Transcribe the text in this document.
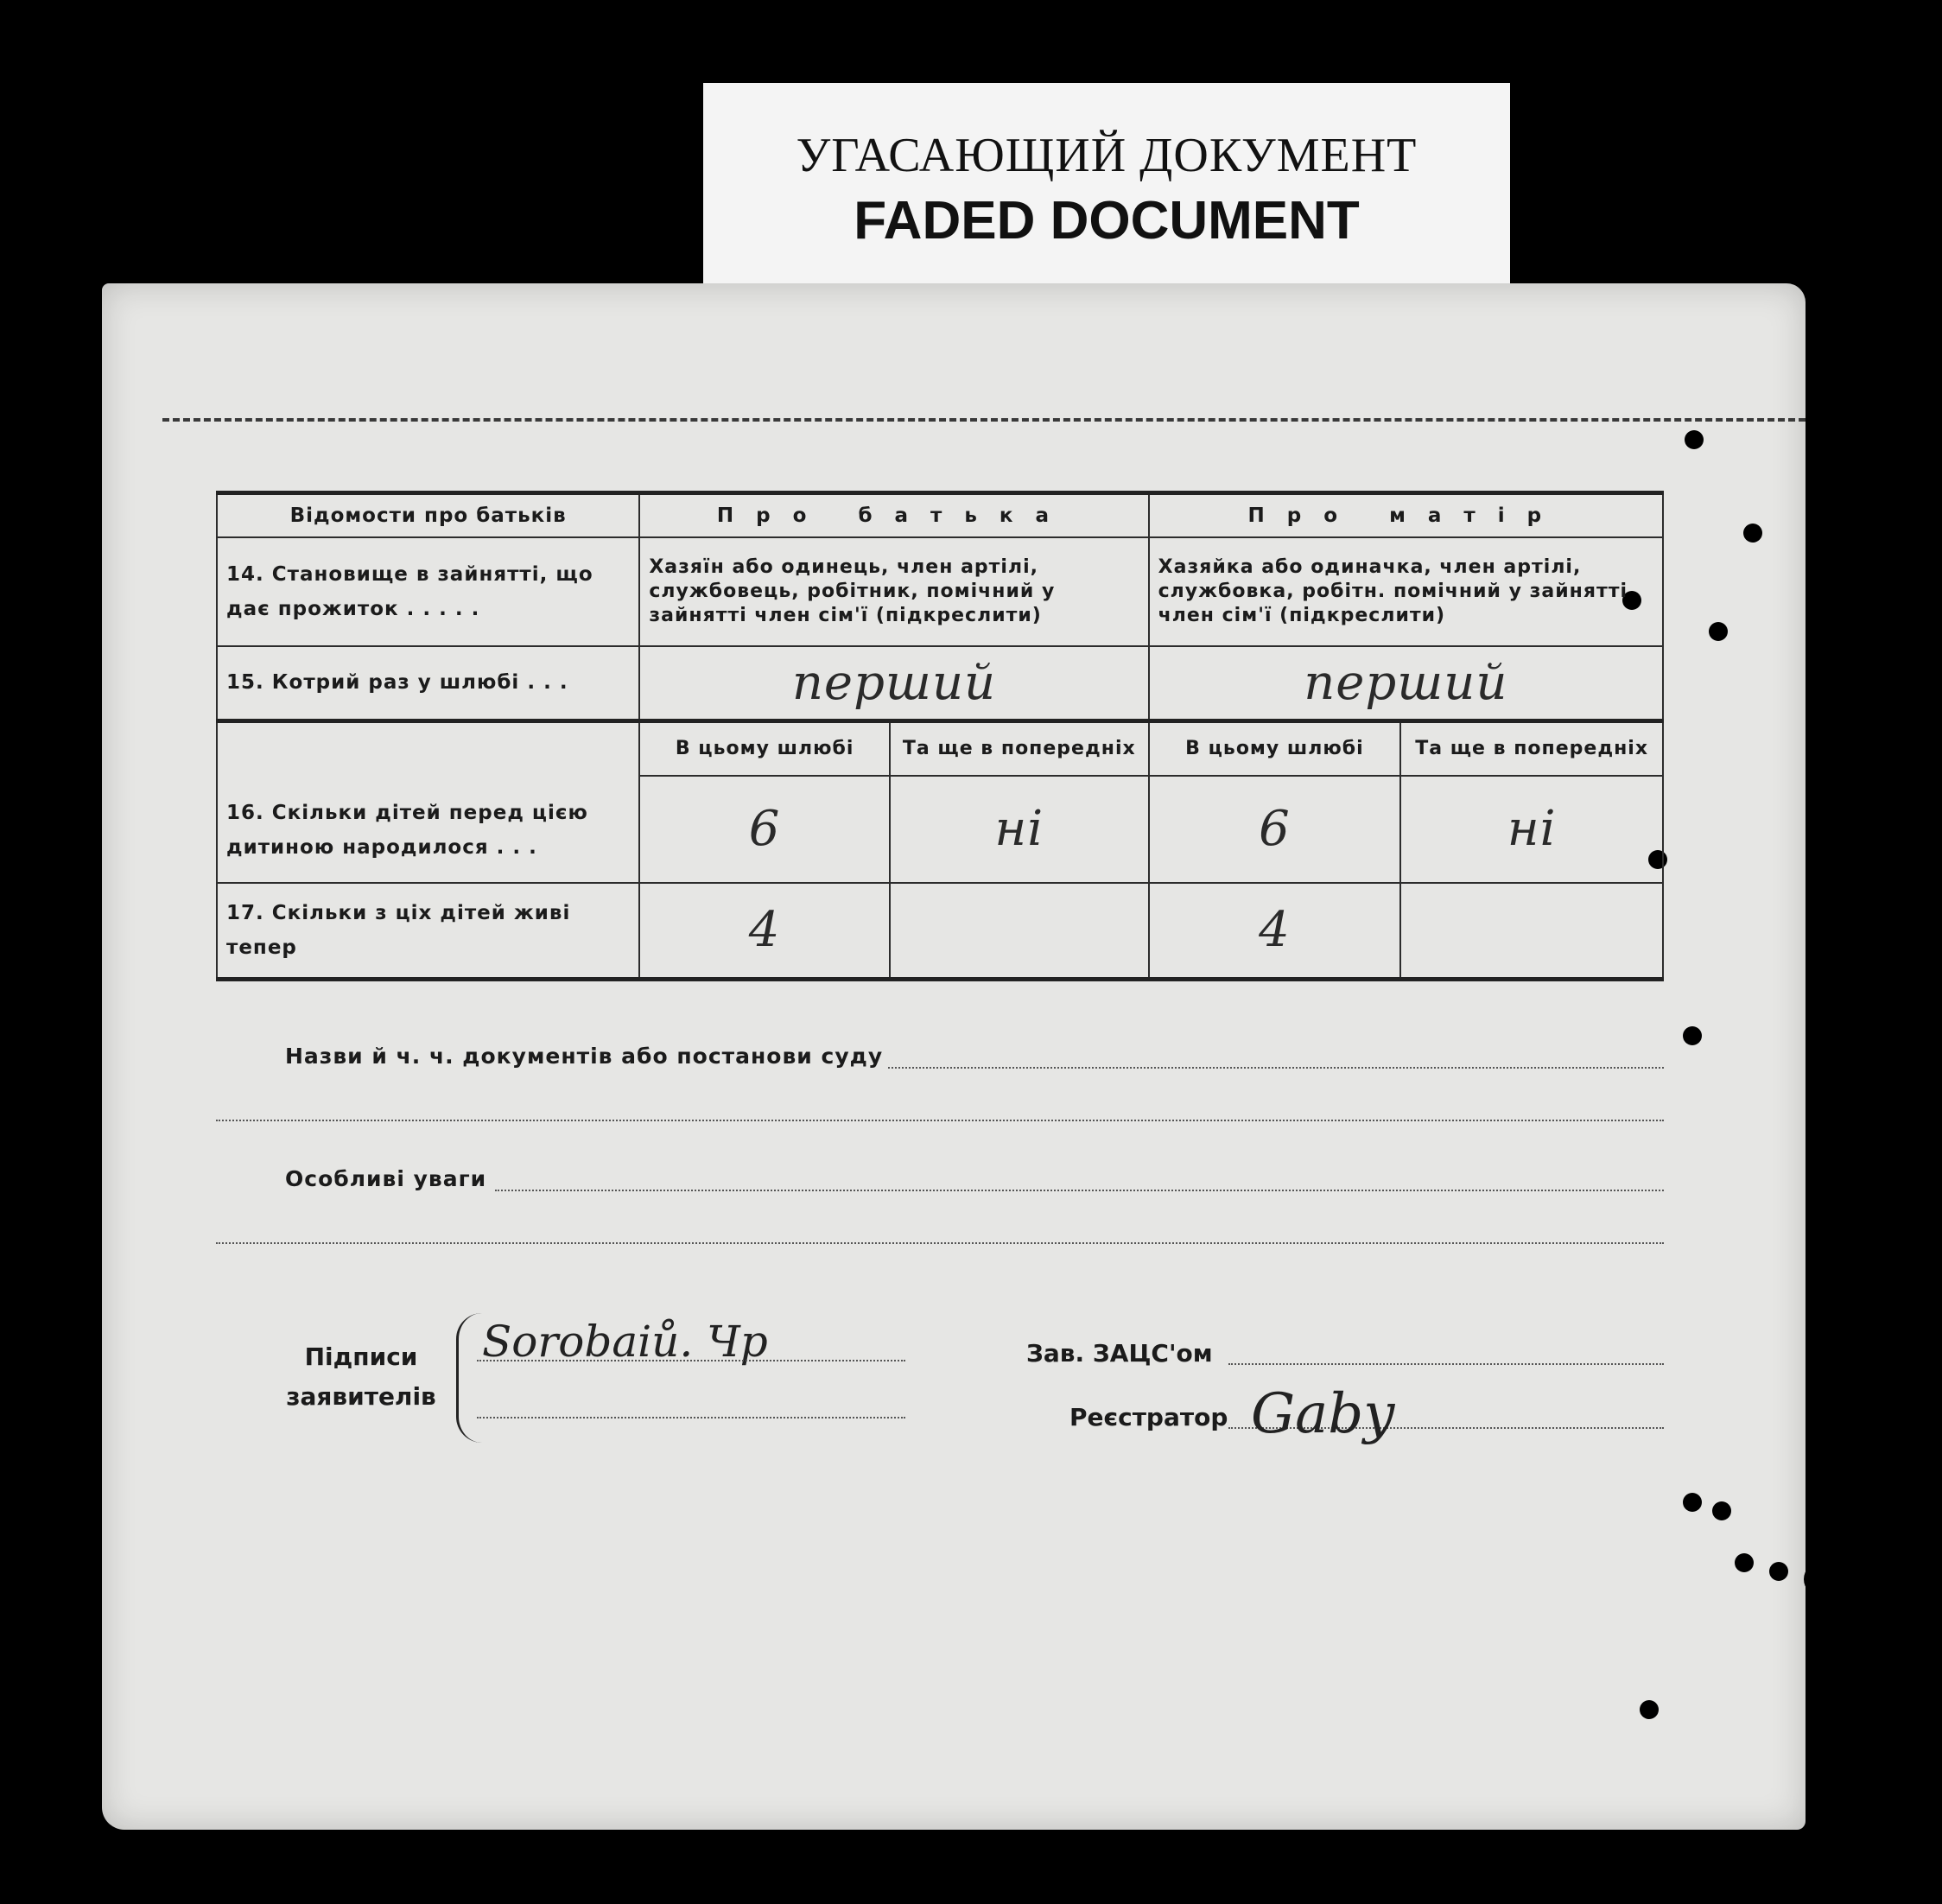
УГАСАЮЩИЙ ДОКУМЕНТ
FADED DOCUMENT
Відомости про батьків	Про батька		Про матір	
14. Становище в зайнятті, що дає прожиток . . . . .	Хазяїн або одинець, член артілі, службовець, робітник, помічний у зайнятті член сім'ї (підкреслити)		Хазяйка або одиначка, член артілі, службовка, робітн. помічний у зайнятті член сім'ї (підкреслити)	
15. Котрий раз у шлюбі . . .	перший		перший	
16. Скільки дітей перед цією дитиною народилося . . .	В цьому шлюбі	Та ще в попередніх	В цьому шлюбі	Та ще в попередніх
	6	ні	6	ні
17. Скільки з ціх дітей живі тепер	4		4	
Назви й ч. ч. документів або постанови суду
Особливі уваги
Підписи
заявителів
Sorobaiů. Чр	Зав. ЗАЦС'ом
Реєстратор Gaby
